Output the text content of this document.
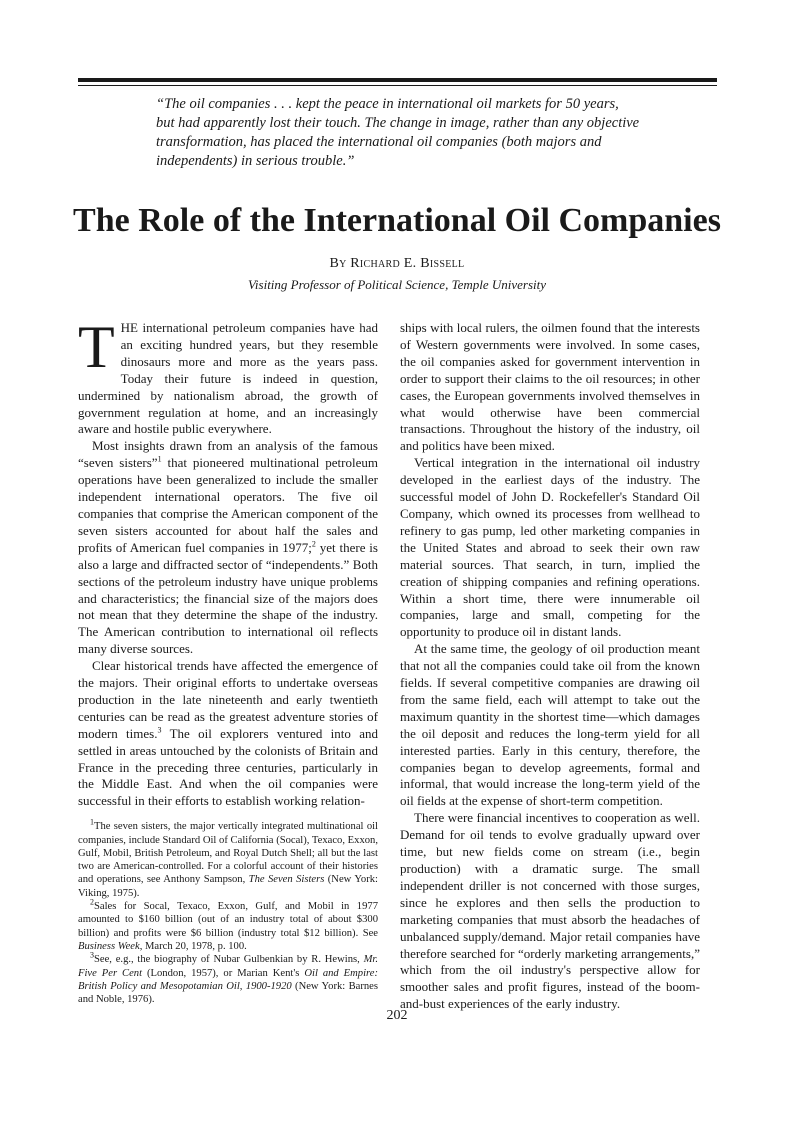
“The oil companies . . . kept the peace in international oil markets for 50 years, but had apparently lost their touch. The change in image, rather than any objective transformation, has placed the international oil companies (both majors and independents) in serious trouble.”

The Role of the International Oil Companies
By Richard E. Bissell
Visiting Professor of Political Science, Temple University

THE international petroleum companies have had an exciting hundred years, but they resemble dinosaurs more and more as the years pass. Today their future is indeed in question, undermined by nationalism abroad, the growth of government regulation at home, and an increasingly aware and hostile public everywhere.

Most insights drawn from an analysis of the famous “seven sisters”$^1$ that pioneered multinational petroleum operations have been generalized to include the smaller independent international operators. The five oil companies that comprise the American component of the seven sisters accounted for about half the sales and profits of American fuel companies in 1977;$^2$ yet there is also a large and diffracted sector of “independents.” Both sections of the petroleum industry have unique problems and characteristics; the financial size of the majors does not mean that they determine the shape of the industry. The American contribution to international oil reflects many diverse sources.

Clear historical trends have affected the emergence of the majors. Their original efforts to undertake overseas production in the late nineteenth and early twentieth centuries can be read as the greatest adventure stories of modern times.$^3$ The oil explorers ventured into and settled in areas untouched by the colonists of Britain and France in the preceding three centuries, particularly in the Middle East. And when the oil companies were successful in their efforts to establish working relation-

$^1$The seven sisters, the major vertically integrated multinational oil companies, include Standard Oil of California (Socal), Texaco, Exxon, Gulf, Mobil, British Petroleum, and Royal Dutch Shell; all but the last two are American-controlled. For a colorful account of their histories and operations, see Anthony Sampson, The Seven Sisters (New York: Viking, 1975).

$^2$Sales for Socal, Texaco, Exxon, Gulf, and Mobil in 1977 amounted to $160 billion (out of an industry total of about $300 billion) and profits were $6 billion (industry total $12 billion). See Business Week, March 20, 1978, p. 100.

$^3$See, e.g., the biography of Nubar Gulbenkian by R. Hewins, Mr. Five Per Cent (London, 1957), or Marian Kent's Oil and Empire: British Policy and Mesopotamian Oil, 1900-1920 (New York: Barnes and Noble, 1976).

ships with local rulers, the oilmen found that the interests of Western governments were involved. In some cases, the oil companies asked for government intervention in order to support their claims to the oil resources; in other cases, the European governments involved themselves in what would otherwise have been commercial transactions. Throughout the history of the industry, oil and politics have been mixed.

Vertical integration in the international oil industry developed in the earliest days of the industry. The successful model of John D. Rockefeller's Standard Oil Company, which owned its processes from wellhead to refinery to gas pump, led other marketing companies in the United States and abroad to seek their own raw material sources. That search, in turn, implied the creation of shipping companies and refining operations. Within a short time, there were innumerable oil companies, large and small, competing for the opportunity to produce oil in distant lands.

At the same time, the geology of oil production meant that not all the companies could take oil from the known fields. If several competitive companies are drawing oil from the same field, each will attempt to take out the maximum quantity in the shortest time—which damages the oil deposit and reduces the long-term yield for all interested parties. Early in this century, therefore, the companies began to develop agreements, formal and informal, that would increase the long-term yield of the oil fields at the expense of short-term competition.

There were financial incentives to cooperation as well. Demand for oil tends to evolve gradually upward over time, but new fields come on stream (i.e., begin production) with a dramatic surge. The small independent driller is not concerned with those surges, since he explores and then sells the production to marketing companies that must absorb the headaches of unbalanced supply/demand. Major retail companies have therefore searched for “orderly marketing arrangements,” which from the oil industry's perspective allow for smoother sales and profit figures, instead of the boom-and-bust experiences of the early industry.

202
